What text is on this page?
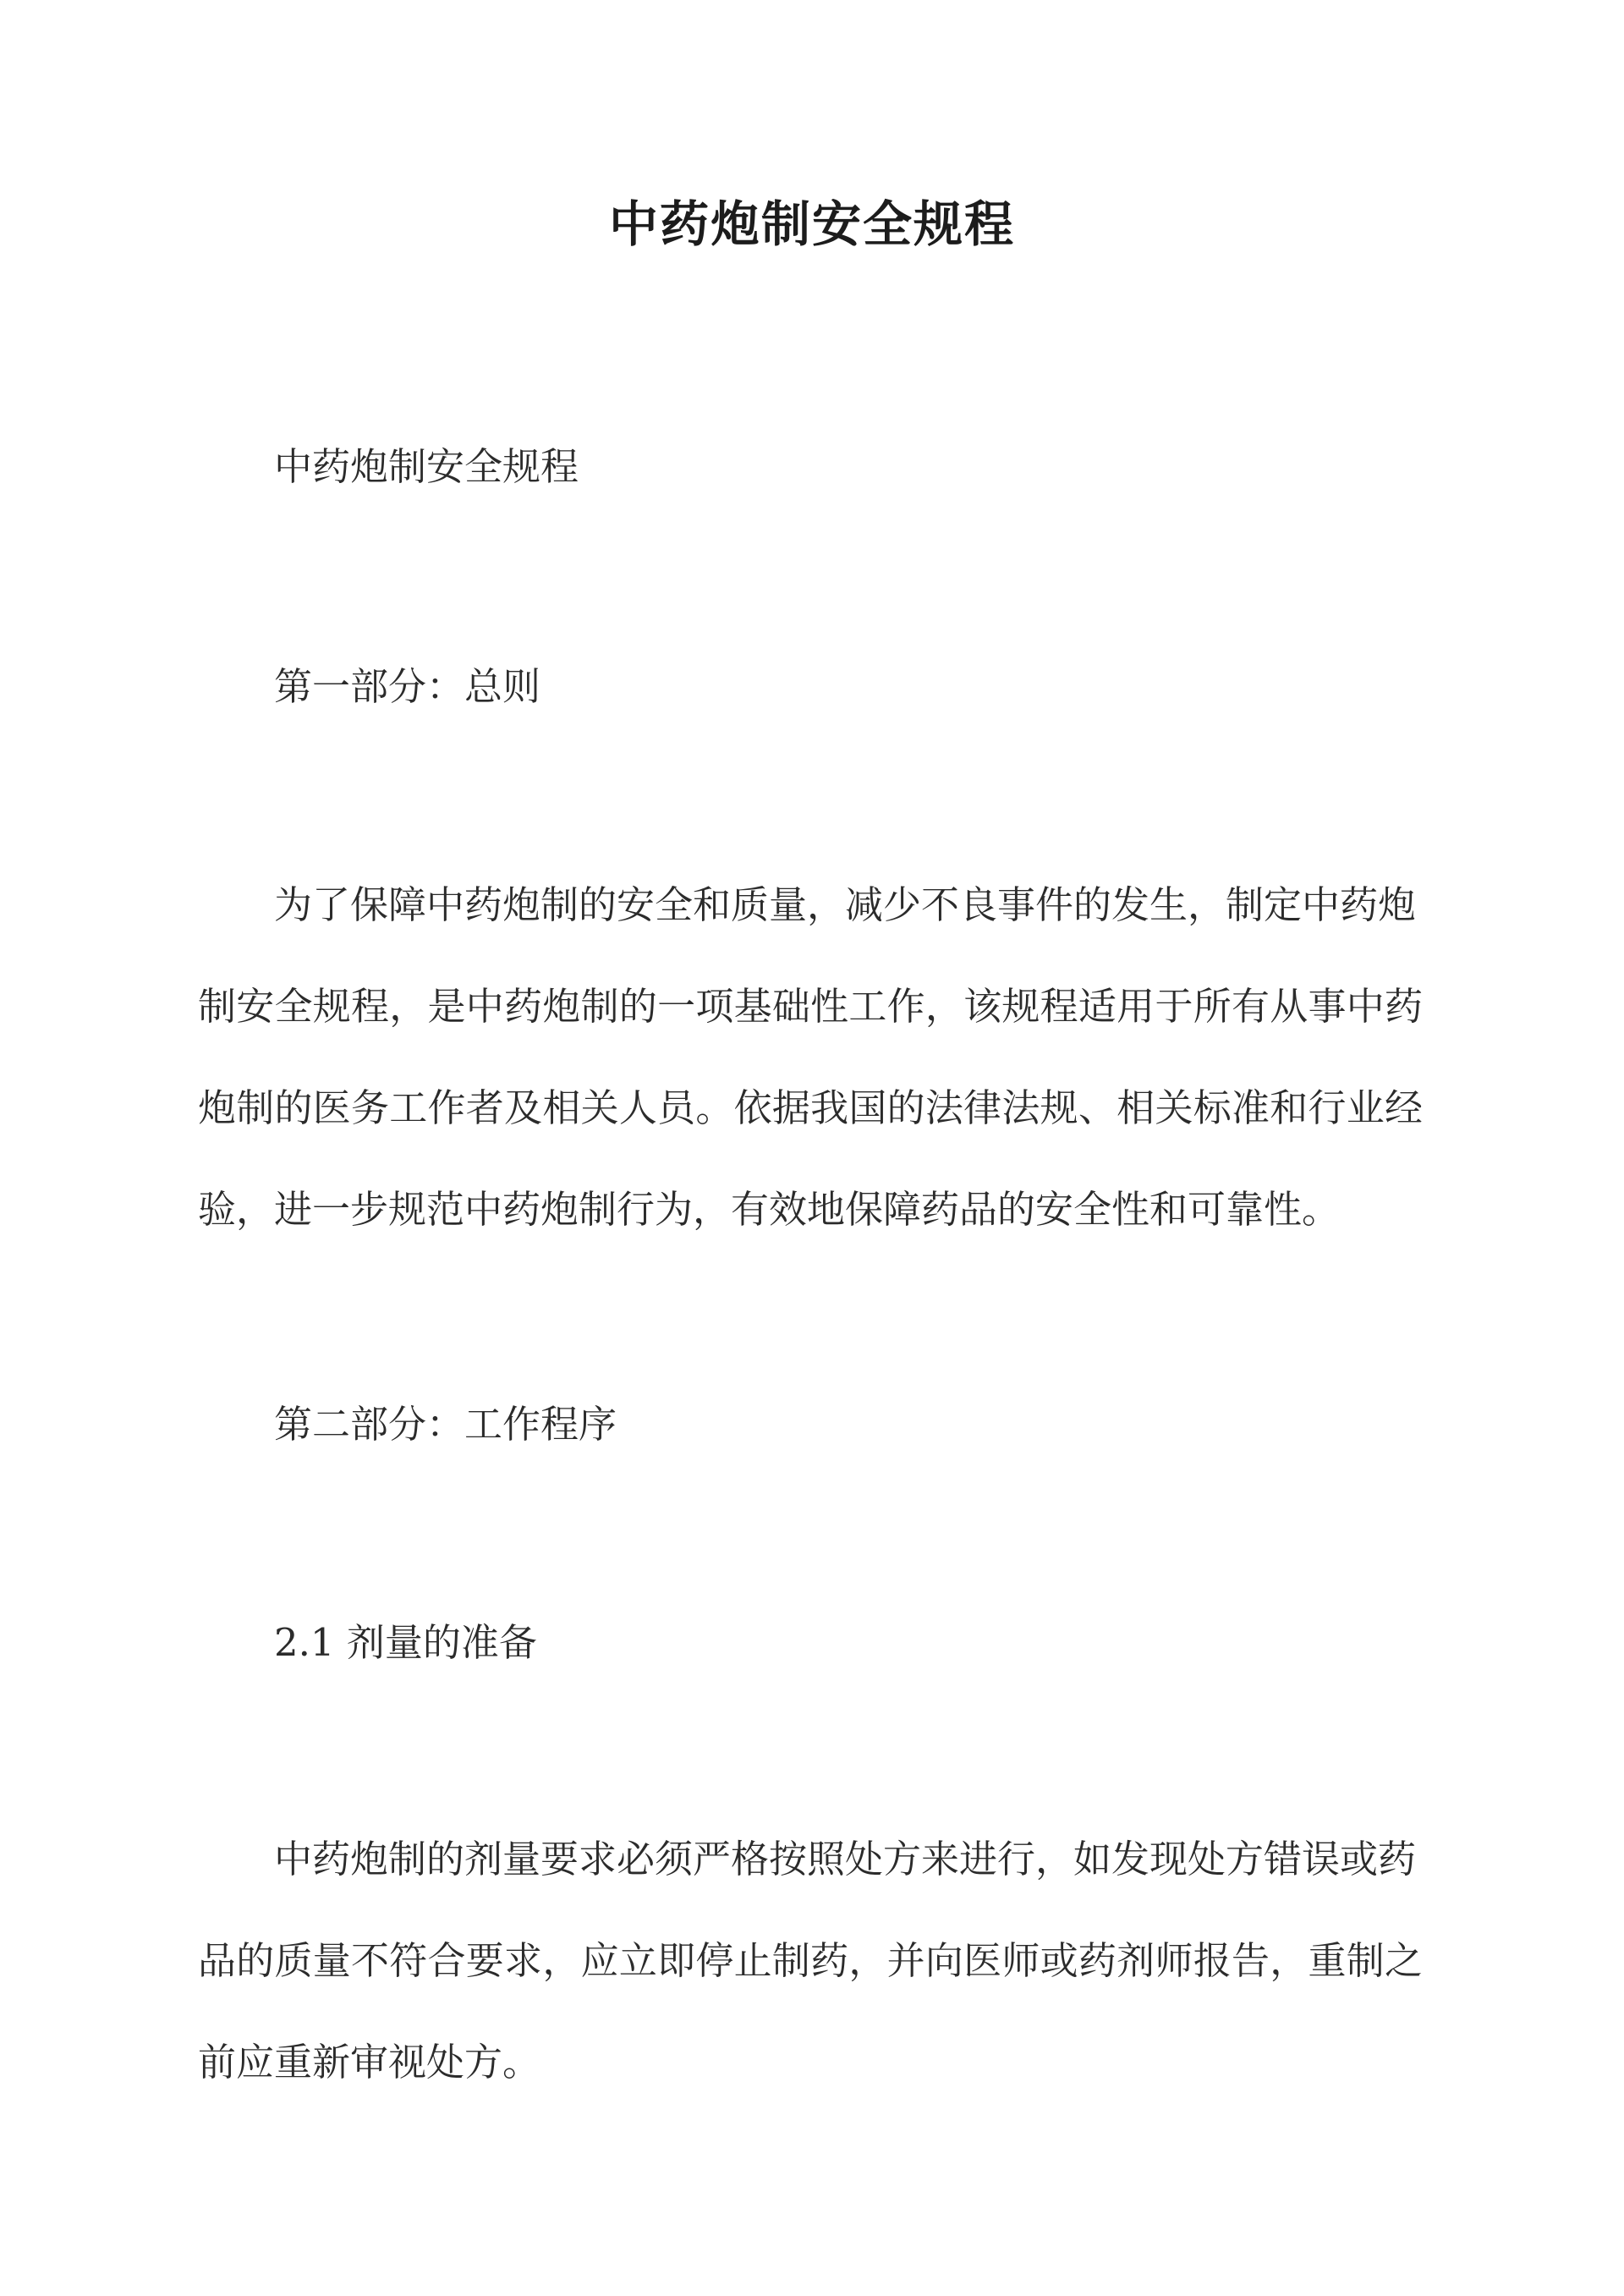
中药炮制安全规程
中药炮制安全规程
第一部分：总则
为了保障中药炮制的安全和质量，减少不良事件的发生，制定中药炮
制安全规程，是中药炮制的一项基础性工作，该规程适用于所有从事中药
炮制的医务工作者及相关人员。依据我国的法律法规、相关标准和行业经
验，进一步规范中药炮制行为，有效地保障药品的安全性和可靠性。
第二部分：工作程序
2.1 剂量的准备
中药炮制的剂量要求必须严格按照处方来进行，如发现处方错误或药
品的质量不符合要求，应立即停止制药，并向医师或药剂师报告，重制之
前应重新审视处方。
